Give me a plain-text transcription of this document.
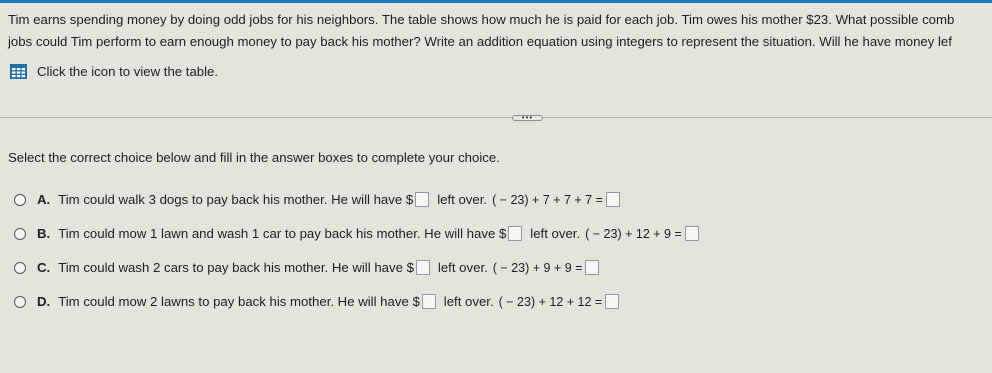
Tim earns spending money by doing odd jobs for his neighbors. The table shows how much he is paid for each job. Tim owes his mother $23. What possible comb
jobs could Tim perform to earn enough money to pay back his mother? Write an addition equation using integers to represent the situation. Will he have money lef
Click the icon to view the table.
•••
Select the correct choice below and fill in the answer boxes to complete your choice.
A. Tim could walk 3 dogs to pay back his mother. He will have $ left over. ( − 23) + 7 + 7 + 7 =
B. Tim could mow 1 lawn and wash 1 car to pay back his mother. He will have $ left over. ( − 23) + 12 + 9 =
C. Tim could wash 2 cars to pay back his mother. He will have $ left over. ( − 23) + 9 + 9 =
D. Tim could mow 2 lawns to pay back his mother. He will have $ left over. ( − 23) + 12 + 12 =
